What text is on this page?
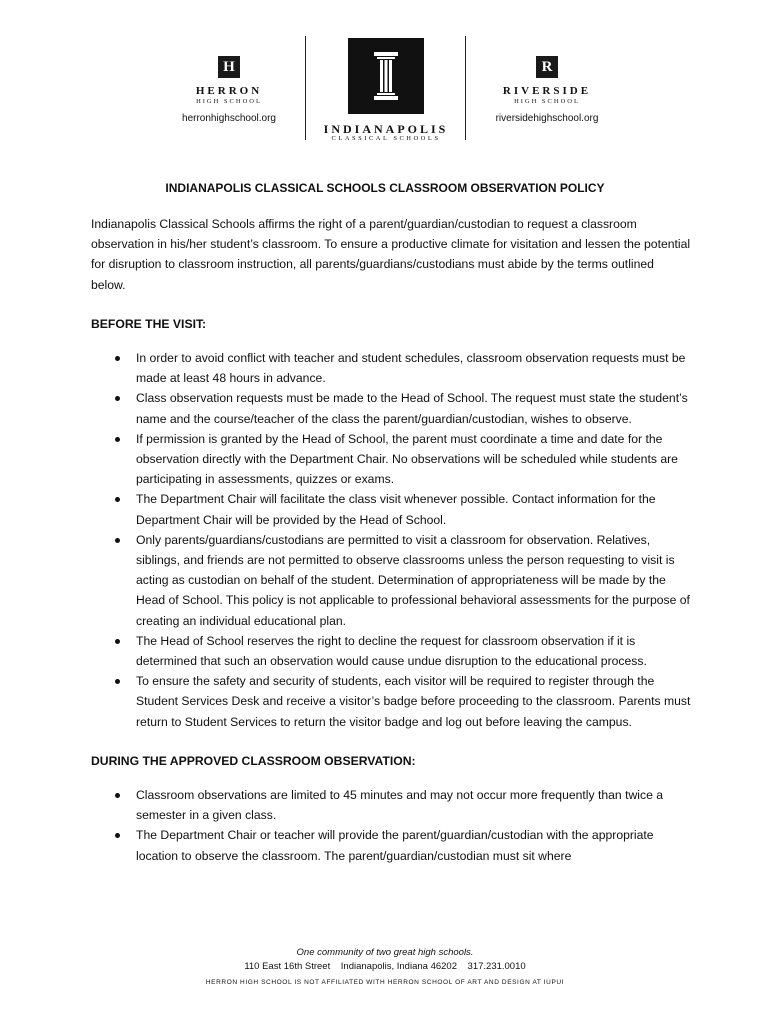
H
HERRON
HIGH SCHOOL
herronhighschool.org
INDIANAPOLIS
CLASSICAL SCHOOLS
R
RIVERSIDE
HIGH SCHOOL
riversidehighschool.org
INDIANAPOLIS CLASSICAL SCHOOLS CLASSROOM OBSERVATION POLICY

Indianapolis Classical Schools affirms the right of a parent/guardian/custodian to request a classroom observation in his/her student’s classroom. To ensure a productive climate for visitation and lessen the potential for disruption to classroom instruction, all parents/guardians/custodians must abide by the terms outlined below.

BEFORE THE VISIT:

In order to avoid conflict with teacher and student schedules, classroom observation requests must be made at least 48 hours in advance.
Class observation requests must be made to the Head of School. The request must state the student’s name and the course/teacher of the class the parent/guardian/custodian, wishes to observe.
If permission is granted by the Head of School, the parent must coordinate a time and date for the observation directly with the Department Chair. No observations will be scheduled while students are participating in assessments, quizzes or exams.
The Department Chair will facilitate the class visit whenever possible. Contact information for the Department Chair will be provided by the Head of School.
Only parents/guardians/custodians are permitted to visit a classroom for observation. Relatives, siblings, and friends are not permitted to observe classrooms unless the person requesting to visit is acting as custodian on behalf of the student. Determination of appropriateness will be made by the Head of School. This policy is not applicable to professional behavioral assessments for the purpose of creating an individual educational plan.
The Head of School reserves the right to decline the request for classroom observation if it is determined that such an observation would cause undue disruption to the educational process.
To ensure the safety and security of students, each visitor will be required to register through the Student Services Desk and receive a visitor’s badge before proceeding to the classroom. Parents must return to Student Services to return the visitor badge and log out before leaving the campus.

DURING THE APPROVED CLASSROOM OBSERVATION:

Classroom observations are limited to 45 minutes and may not occur more frequently than twice a semester in a given class.
The Department Chair or teacher will provide the parent/guardian/custodian with the appropriate location to observe the classroom. The parent/guardian/custodian must sit where
One community of two great high schools.
110 East 16th Street    Indianapolis, Indiana 46202    317.231.0010
HERRON HIGH SCHOOL IS NOT AFFILIATED WITH HERRON SCHOOL OF ART AND DESIGN AT IUPUI
